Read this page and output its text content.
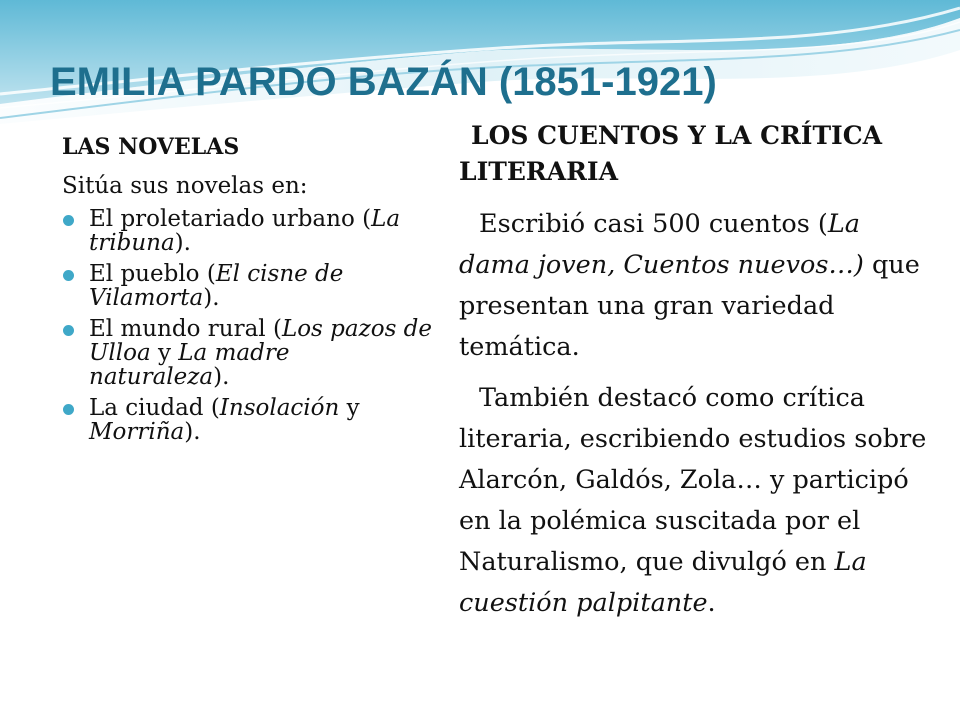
EMILIA PARDO BAZÁN (1851-1921)
LAS NOVELAS
Sitúa sus novelas en:
El proletariado urbano (La tribuna).
El pueblo (El cisne de Vilamorta).
El mundo rural (Los pazos de Ulloa y La madre naturaleza).
La ciudad (Insolación y Morriña).
LOS CUENTOS Y LA CRÍTICA LITERARIA

Escribió casi 500 cuentos (La dama joven, Cuentos nuevos…) que presentan una gran variedad temática.

También destacó como crítica literaria, escribiendo estudios sobre Alarcón, Galdós, Zola… y participó en la polémica suscitada por el Naturalismo, que divulgó en La cuestión palpitante.
